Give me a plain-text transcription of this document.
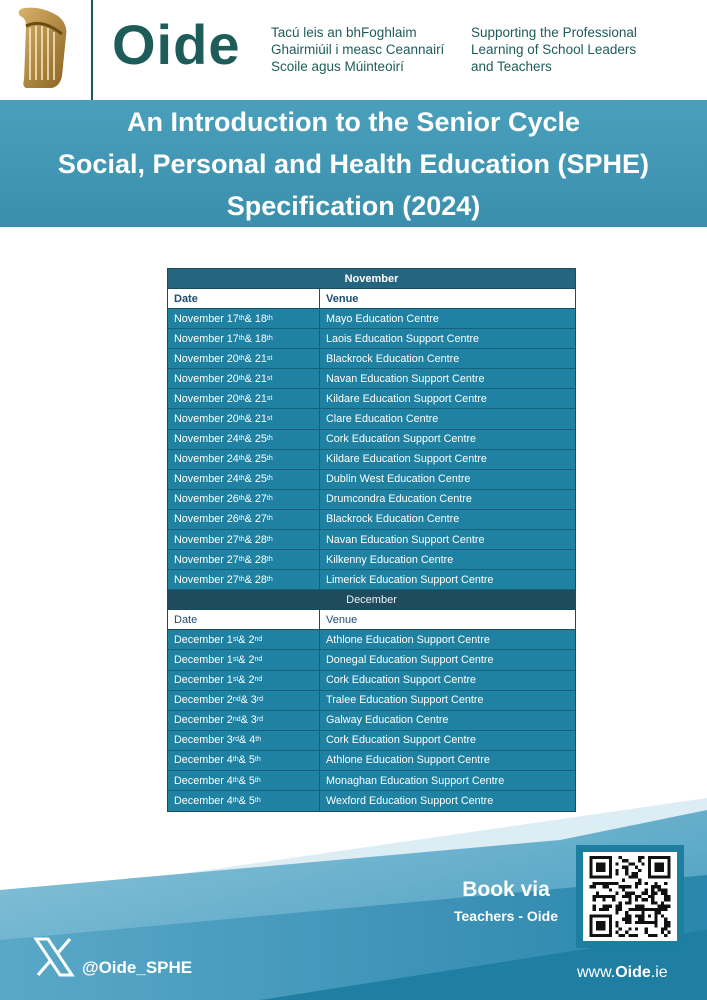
Oide Tacú leis an bhFoghlaim
Ghairmiúil i measc Ceannairí
Scoile agus Múinteoirí
Supporting the Professional
Learning of School Leaders
and Teachers
An Introduction to the Senior Cycle
Social, Personal and Health Education (SPHE)
Specification (2024)
November
Date	Venue
November 17 th & 18 th	Mayo Education Centre
November 17 th & 18 th	Laois Education Support Centre
November 20 th & 21 st	Blackrock Education Centre
November 20 th & 21 st	Navan Education Support Centre
November 20 th & 21 st	Kildare Education Support Centre
November 20 th & 21 st	Clare Education Centre
November 24 th & 25 th	Cork Education Support Centre
November 24 th & 25 th	Kildare Education Support Centre
November 24 th & 25 th	Dublin West Education Centre
November 26 th & 27 th	Drumcondra Education Centre
November 26 th & 27 th	Blackrock Education Centre
November 27 th & 28 th	Navan Education Support Centre
November 27 th & 28 th	Kilkenny Education Centre
November 27 th & 28 th	Limerick Education Support Centre
December
Date	Venue
December 1 st & 2 nd	Athlone Education Support Centre
December 1 st & 2 nd	Donegal Education Support Centre
December 1 st & 2 nd	Cork Education Support Centre
December 2 nd & 3 rd	Tralee Education Support Centre
December 2 nd & 3 rd	Galway Education Centre
December 3 rd & 4 th	Cork Education Support Centre
December 4 th & 5 th	Athlone Education Support Centre
December 4 th & 5 th	Monaghan Education Support Centre
December 4 th & 5 th	Wexford Education Support Centre
Book via
Teachers - Oide
@Oide_SPHE	www.Oide.ie
